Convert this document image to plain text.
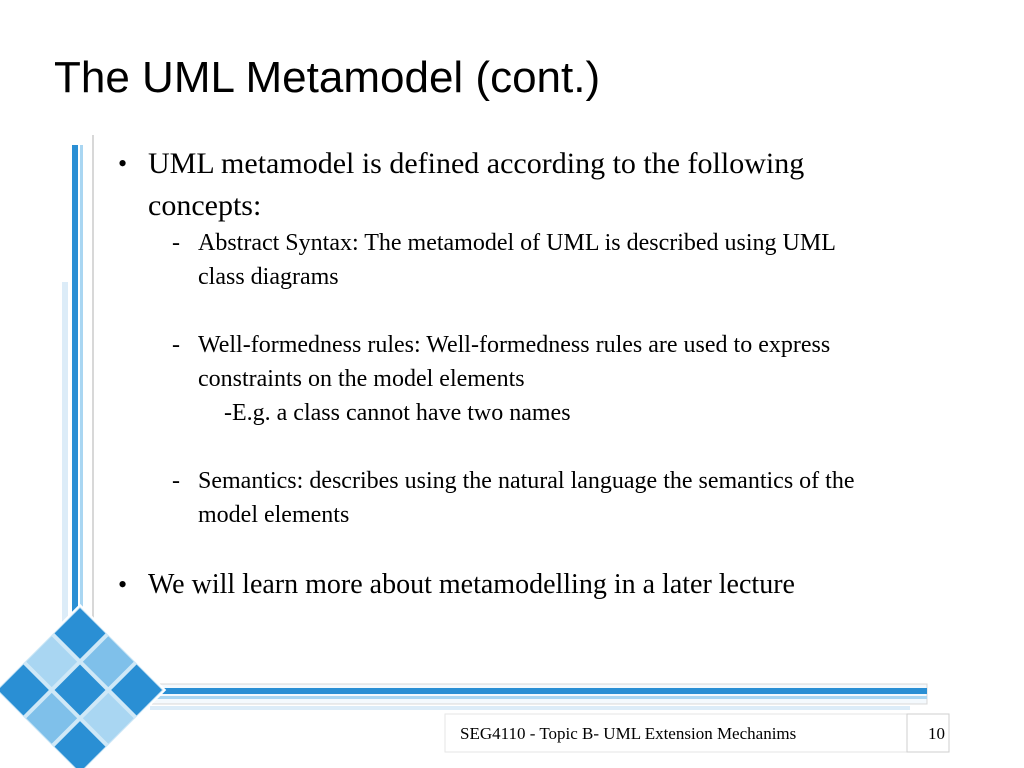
The UML Metamodel (cont.)
• UML metamodel is defined according to the following
concepts:
- Abstract Syntax: The metamodel of UML is described using UML
class diagrams
- Well-formedness rules: Well-formedness rules are used to express
constraints on the model elements
-E.g. a class cannot have two names
- Semantics: describes using the natural language the semantics of the
model elements
• We will learn more about metamodelling in a later lecture
SEG4110 - Topic B- UML Extension Mechanims	10
